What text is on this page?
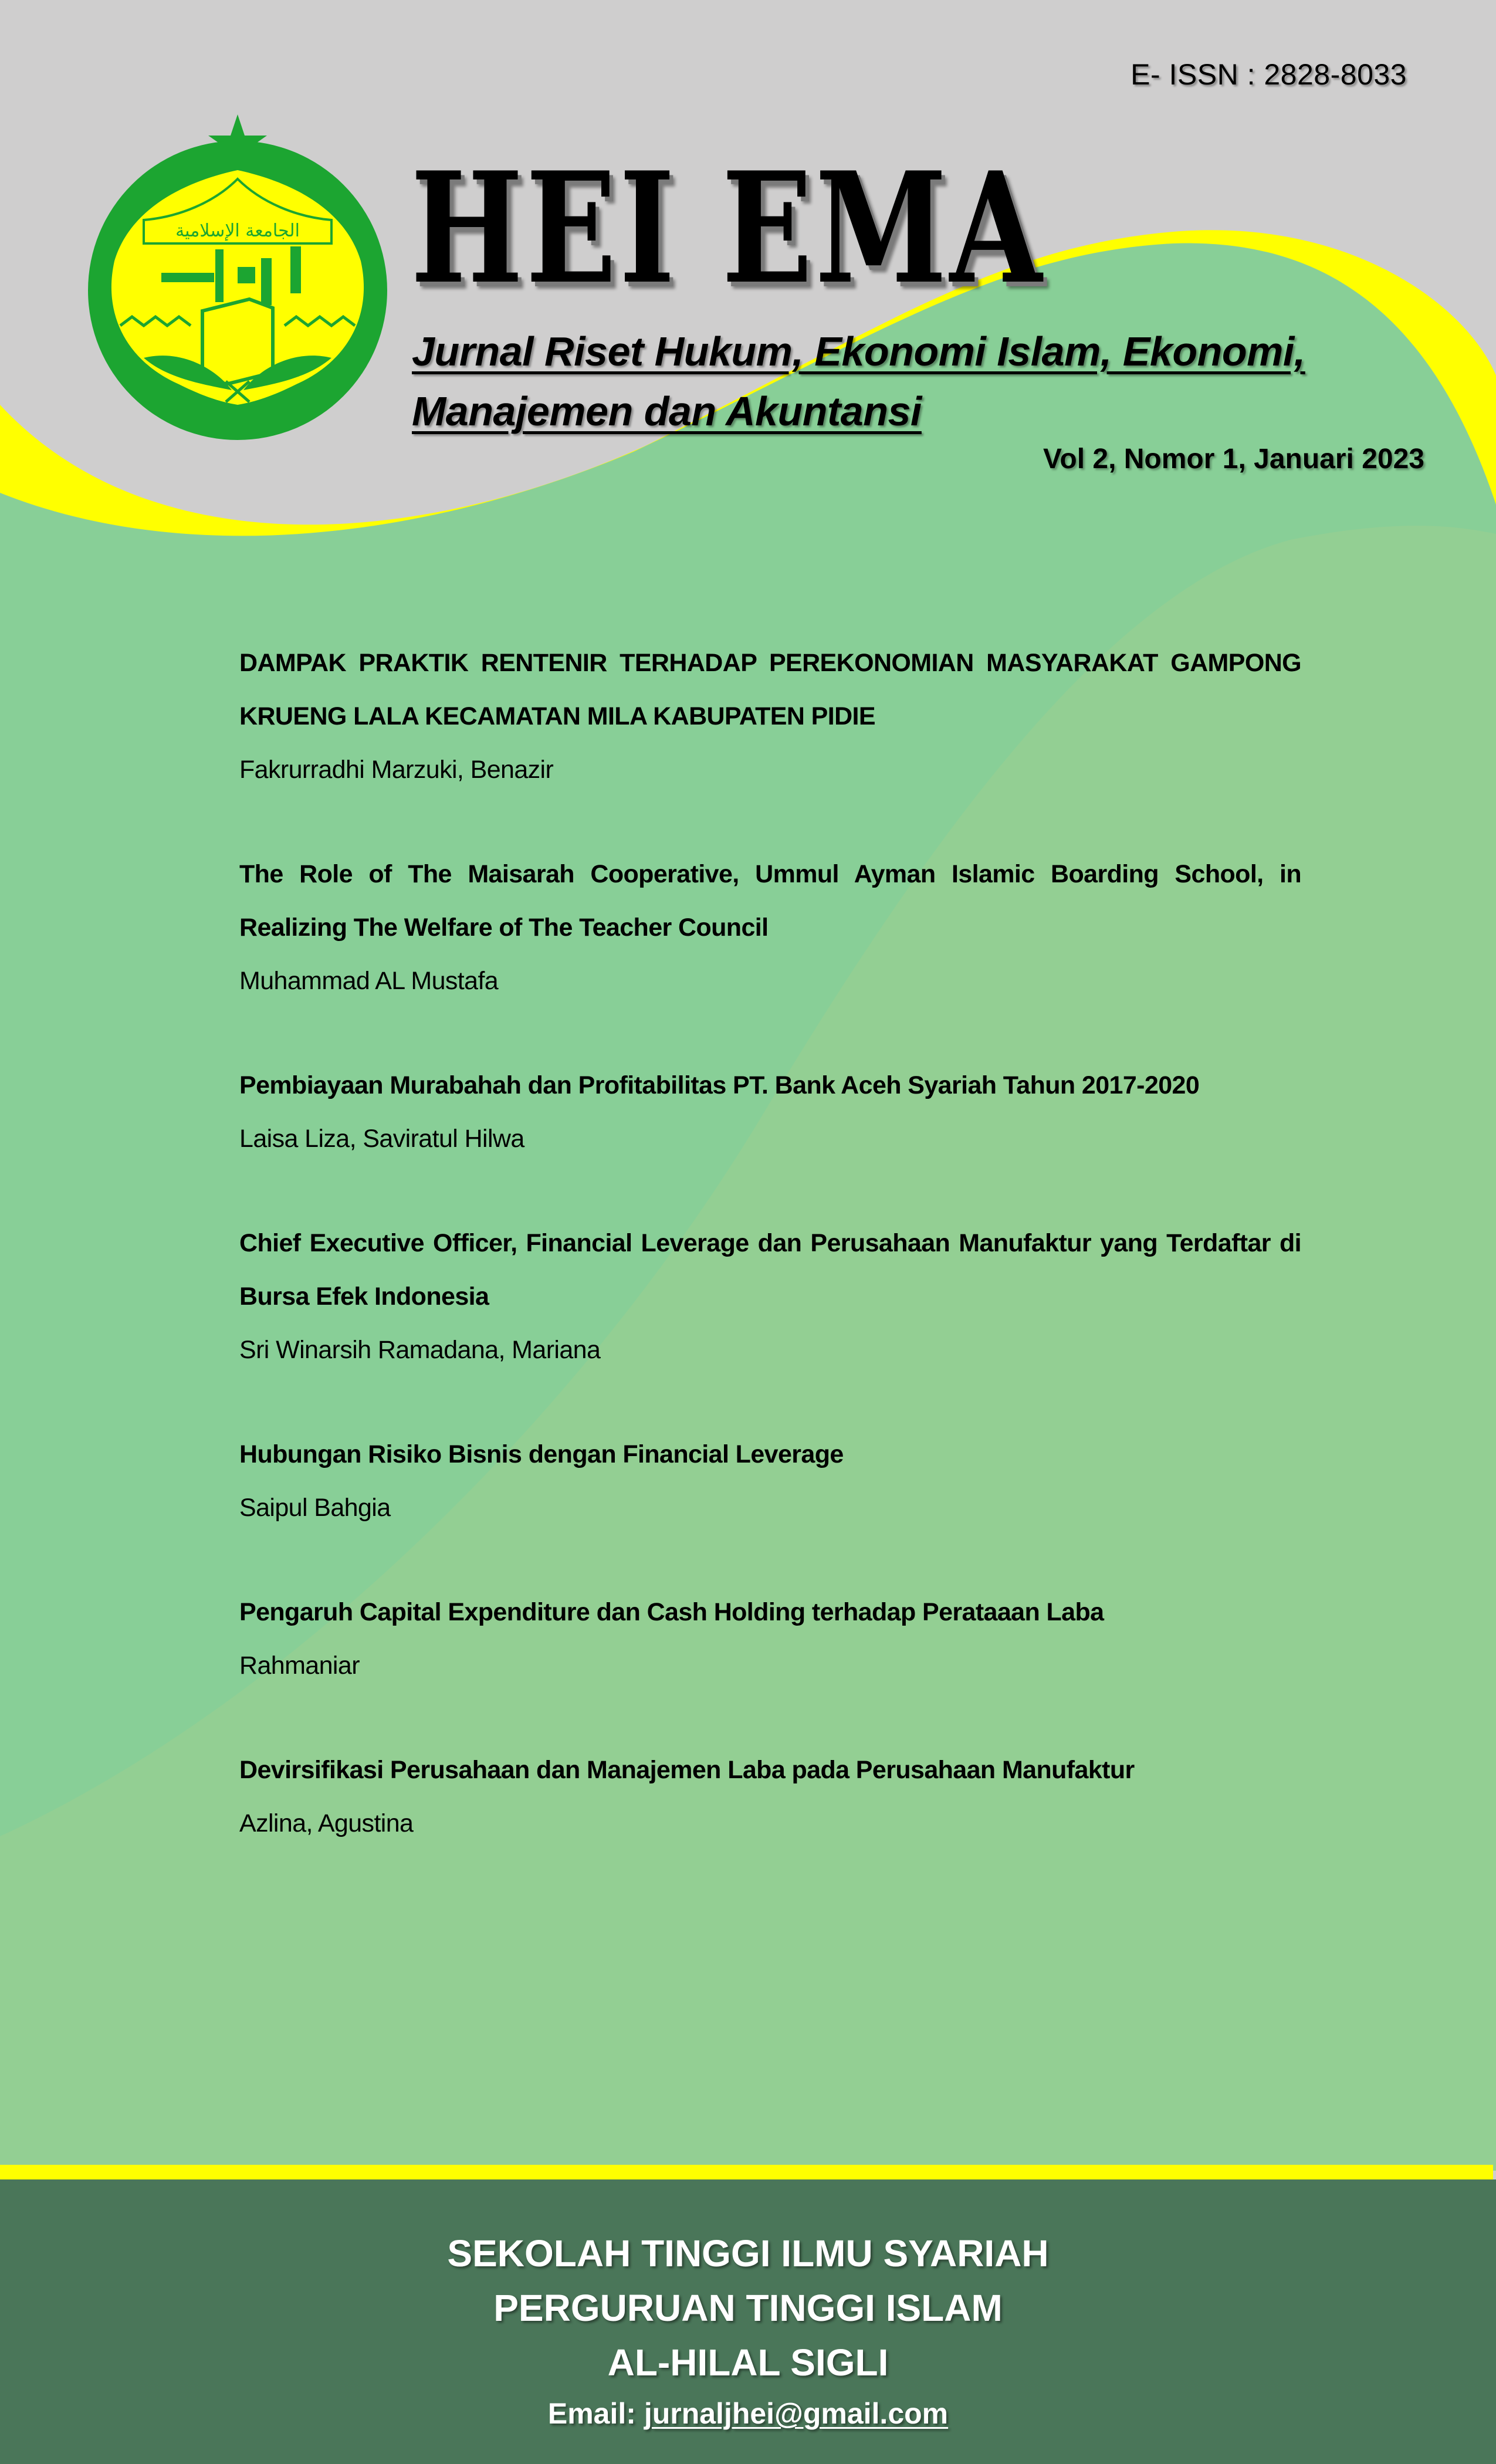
E- ISSN : 2828-8033
الجامعة الإسلامية HEI EMA
Jurnal Riset Hukum, Ekonomi Islam, Ekonomi, Manajemen dan Akuntansi
Vol 2, Nomor 1, Januari 2023
DAMPAK PRAKTIK RENTENIR TERHADAP PEREKONOMIAN MASYARAKAT GAMPONG KRUENG LALA KECAMATAN MILA KABUPATEN PIDIE
Fakrurradhi Marzuki, Benazir
The Role of The Maisarah Cooperative, Ummul Ayman Islamic Boarding School, in Realizing The Welfare of The Teacher Council
Muhammad AL Mustafa
Pembiayaan Murabahah dan Profitabilitas PT. Bank Aceh Syariah Tahun 2017-2020
Laisa Liza, Saviratul Hilwa
Chief Executive Officer, Financial Leverage dan Perusahaan Manufaktur yang Terdaftar di Bursa Efek Indonesia
Sri Winarsih Ramadana, Mariana
Hubungan Risiko Bisnis dengan Financial Leverage
Saipul Bahgia
Pengaruh Capital Expenditure dan Cash Holding terhadap Perataaan Laba
Rahmaniar
Devirsifikasi Perusahaan dan Manajemen Laba pada Perusahaan Manufaktur
Azlina, Agustina
SEKOLAH TINGGI ILMU SYARIAH
PERGURUAN TINGGI ISLAM
AL-HILAL SIGLI
Email: jurnaljhei@gmail.com
